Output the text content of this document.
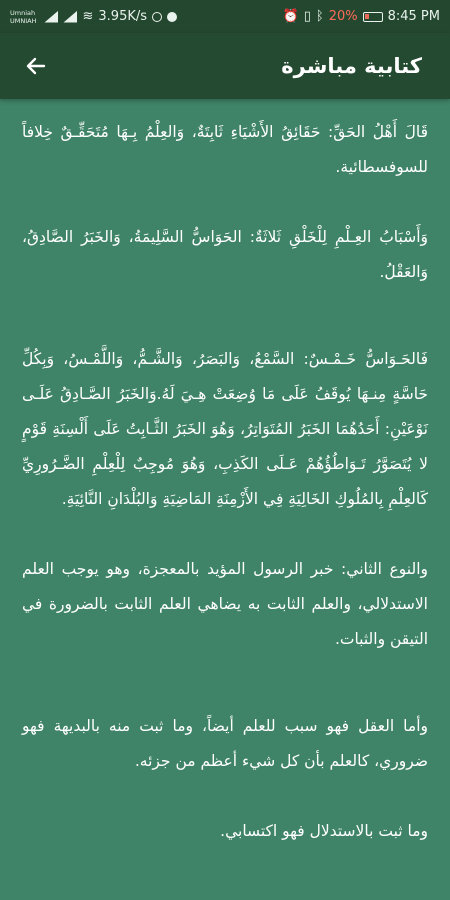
Umniah
UMNIAH	≋ 3.95K/s	⏰ ▯ ᛒ 20% 8:45 PM
كتابية مباشرة

قَالَ أَهْلُ الحَقِّ: حَقَائِقُ الأَشْيَاءِ ثَابِتَةٌ، وَالعِلْمُ بِـهَا مُتَحَقِّـقٌ خِلافاً للسوفسطائية.

وَأَسْبَابُ العِـلْمِ لِلْخَلْقِ ثَلاثَةٌ: الحَوَاسُّ السَّلِيمَةُ، وَالخَبَرُ الصَّادِقُ، وَالعَقْلُ.

فَالحَـوَاسُّ خَـمْـسٌ: السَّمْعُ، وَالبَصَرُ، وَالشَّـمُّ، وَاللَّمْـسُ، وَبِكُلِّ حَاسَّةٍ مِنـهَا يُوقَفُ عَلَى مَا وُضِعَتْ هِـيَ لَهُ.وَالخَبَرُ الصَّـادِقُ عَلَـى نَوْعَيْنِ: أَحَدُهُمَا الخَبَرُ المُتَوَاتِرُ، وَهُوَ الخَبَرُ الثَّـابِتُ عَلَى أَلْسِنَةِ قَوْمٍ لا يُتَصَوَّرُ تَـوَاطُؤُهُمْ عَـلَى الكَذِبِ، وَهُوَ مُوجِبٌ لِلْعِلْمِ الضَّـرُورِيِّ كَالعِلْمِ بِالمُلُوكِ الخَالِيَةِ فِي الأَزْمِنَةِ المَاضِيَةِ وَالبُلْدَانِ النَّائِيَةِ.

والنوع الثاني: خبر الرسول المؤيد بالمعجزة، وهو يوجب العلم الاستدلالي، والعلم الثابت به يضاهي العلم الثابت بالضرورة في التيقن والثبات.

وأما العقل فهو سبب للعلم أيضاً، وما ثبت منه بالبديهة فهو ضروري، كالعلم بأن كل شيء أعظم من جزئه.

وما ثبت بالاستدلال فهو اكتسابي.
